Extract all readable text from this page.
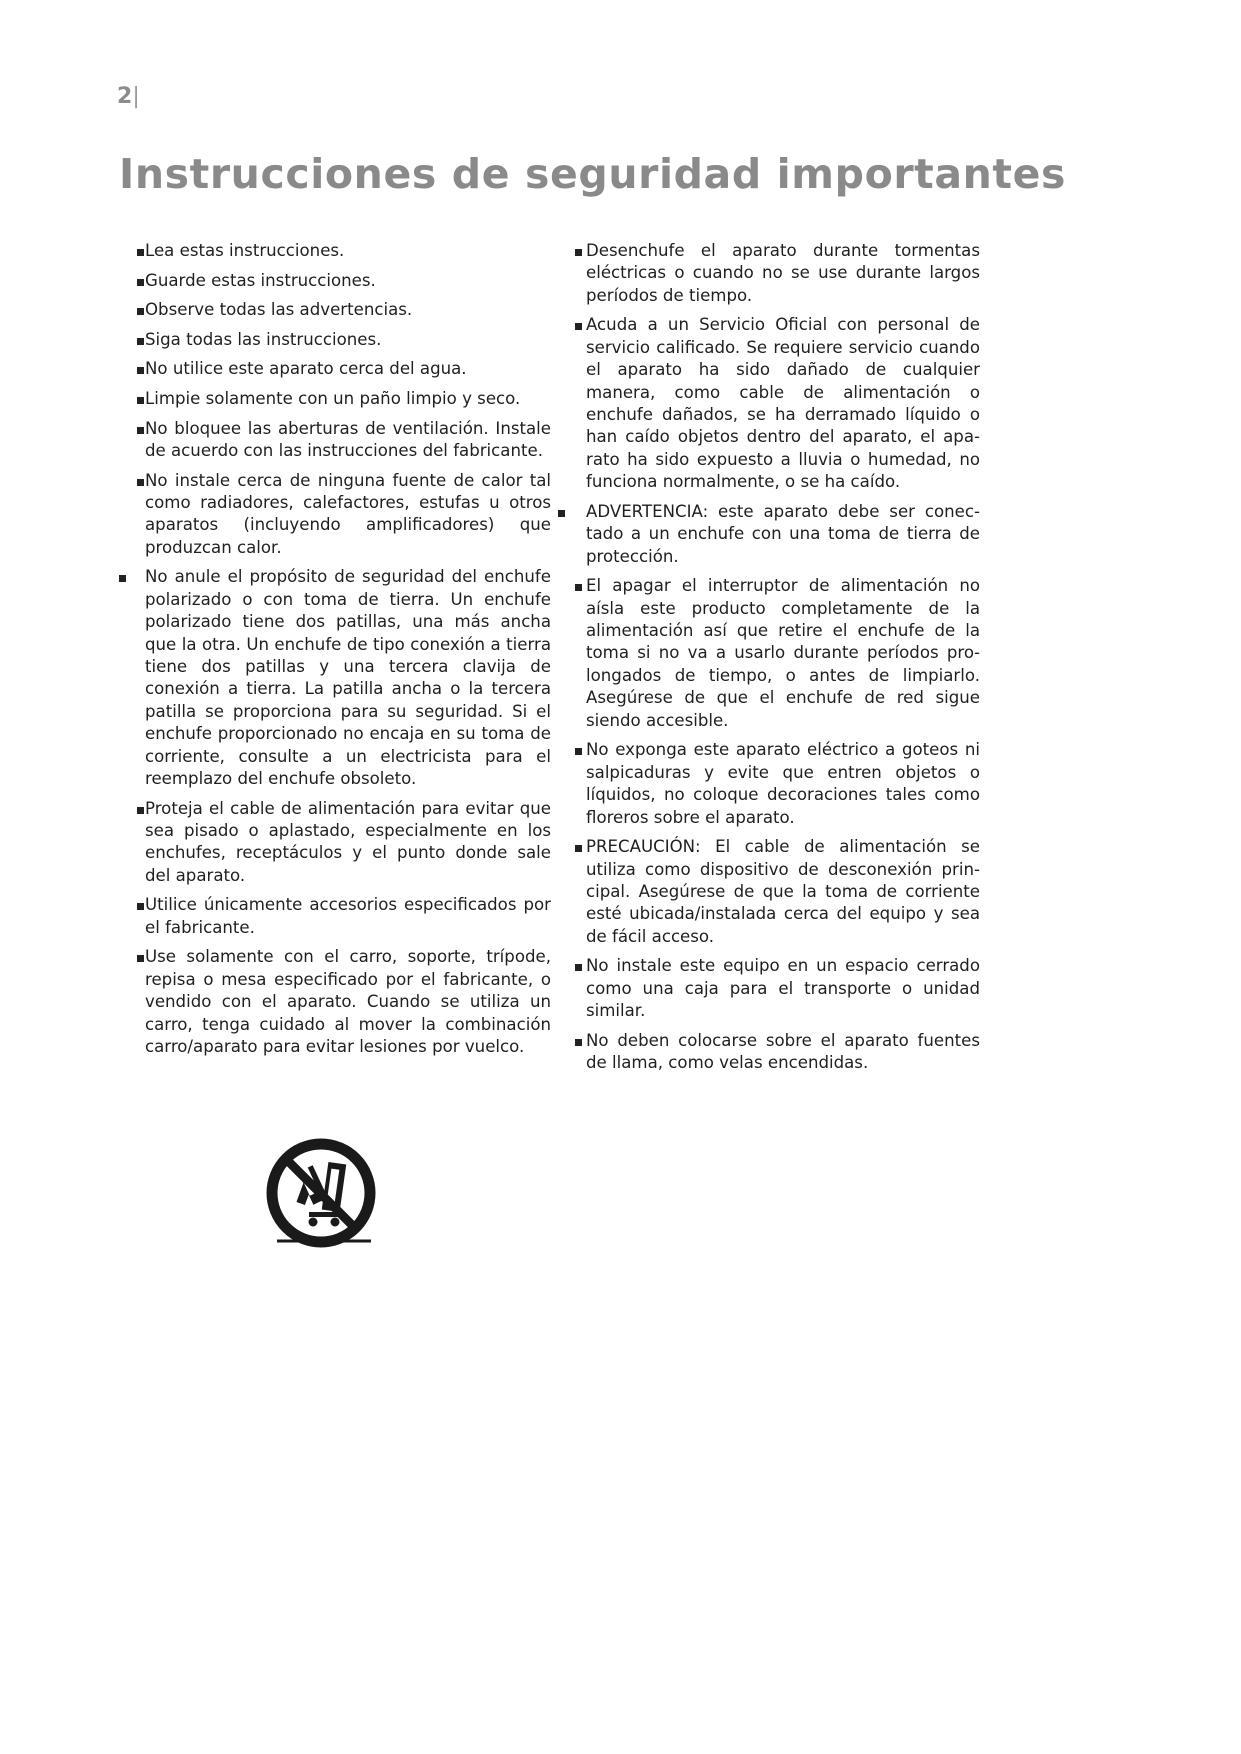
2|
Instrucciones de seguridad importantes
Lea estas instrucciones.
Guarde estas instrucciones.
Observe todas las advertencias.
Siga todas las instrucciones.
No utilice este aparato cerca del agua.
Limpie solamente con un paño limpio y seco.
No bloquee las aberturas de ventilación. Instale de acuerdo con las instrucciones del fabricante.
No instale cerca de ninguna fuente de calor tal como radiadores, calefactores, estufas u otros aparatos (incluyendo amplificadores) que produzcan calor.
No anule el propósito de seguridad del enchufe polarizado o con toma de tierra. Un enchufe polarizado tiene dos patillas, una más ancha que la otra. Un enchufe de tipo conexión a tierra tiene dos patillas y una tercera clavija de conexión a tierra. La patilla ancha o la tercera patilla se proporciona para su seguridad. Si el enchufe proporcionado no encaja en su toma de corriente, consulte a un electricista para el reemplazo del enchufe obsoleto.
Proteja el cable de alimentación para evitar que sea pisado o aplastado, especialmente en los enchufes, receptáculos y el punto donde sale del aparato.
Utilice únicamente accesorios especificados por el fabricante.
Use solamente con el carro, soporte, trípode, repisa o mesa especificado por el fabricante, o vendido con el aparato. Cuando se utiliza un carro, tenga cuidado al mover la combinación carro/aparato para evitar lesiones por vuelco.
Desenchufe el aparato durante tormentas eléctricas o cuando no se use durante largos períodos de tiempo.
Acuda a un Servicio Oficial con personal de servicio calificado. Se requiere servicio cuando el aparato ha sido dañado de cualquier manera, como cable de alimentación o enchufe dañados, se ha derramado líquido o han caído objetos dentro del aparato, el aparato ha sido expuesto a lluvia o humedad, no funciona normalmente, o se ha caído.
ADVERTENCIA: este aparato debe ser conectado a un enchufe con una toma de tierra de protección.
El apagar el interruptor de alimentación no aísla este producto completamente de la alimentación así que retire el enchufe de la toma si no va a usarlo durante períodos prolongados de tiempo, o antes de limpiarlo. Asegúrese de que el enchufe de red sigue siendo accesible.
No exponga este aparato eléctrico a goteos ni salpicaduras y evite que entren objetos o líquidos, no coloque decoraciones tales como floreros sobre el aparato.
PRECAUCIÓN: El cable de alimentación se utiliza como dispositivo de desconexión principal. Asegúrese de que la toma de corriente esté ubicada/instalada cerca del equipo y sea de fácil acceso.
No instale este equipo en un espacio cerrado como una caja para el transporte o unidad similar.
No deben colocarse sobre el aparato fuentes de llama, como velas encendidas.
